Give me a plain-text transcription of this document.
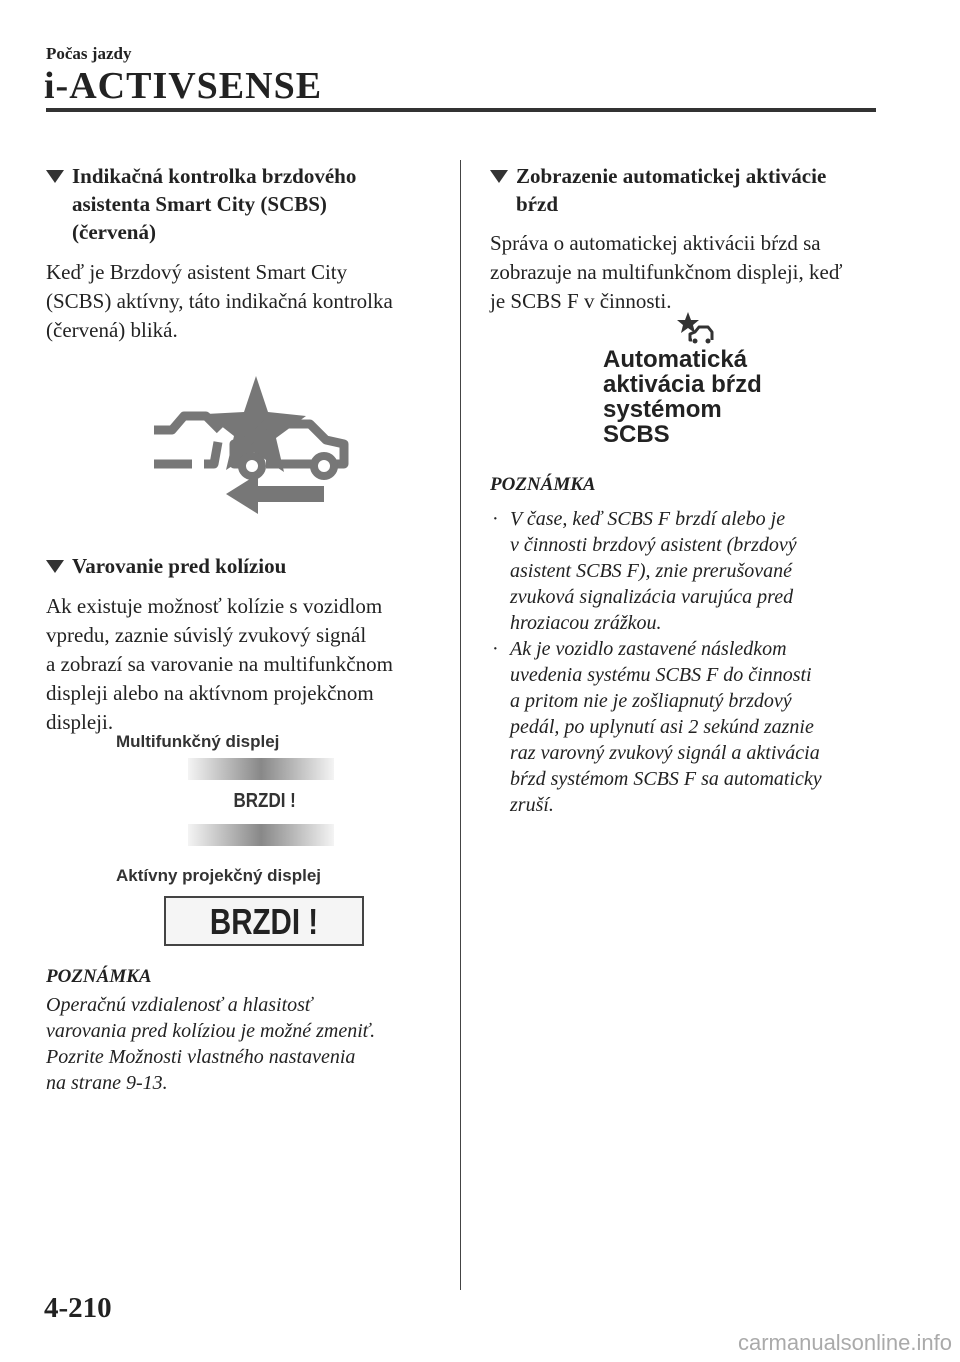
Počas jazdy
i-ACTIVSENSE
Indikačná kontrolka brzdového
asistenta Smart City (SCBS)
(červená)
Keď je Brzdový asistent Smart City
(SCBS) aktívny, táto indikačná kontrolka
(červená) bliká.
Varovanie pred kolíziou
Ak existuje možnosť kolízie s vozidlom
vpredu, zaznie súvislý zvukový signál
a zobrazí sa varovanie na multifunkčnom
displeji alebo na aktívnom projekčnom
displeji.
Multifunkčný displej
BRZDI !
Aktívny projekčný displej
BRZDI !
POZNÁMKA
Operačnú vzdialenosť a hlasitosť
varovania pred kolíziou je možné zmeniť.
Pozrite Možnosti vlastného nastavenia
na strane 9-13.
Zobrazenie automatickej aktivácie
bŕzd
Správa o automatickej aktivácii bŕzd sa
zobrazuje na multifunkčnom displeji, keď
je SCBS F v činnosti.
Automatická
aktivácia bŕzd
systémom
SCBS
POZNÁMKA
· V čase, keď SCBS F brzdí alebo je
v činnosti brzdový asistent (brzdový
asistent SCBS F), znie prerušované
zvuková signalizácia varujúca pred
hroziacou zrážkou.
· Ak je vozidlo zastavené následkom
uvedenia systému SCBS F do činnosti
a pritom nie je zošliapnutý brzdový
pedál, po uplynutí asi 2 sekúnd zaznie
raz varovný zvukový signál a aktivácia
bŕzd systémom SCBS F sa automaticky
zruší.
4-210
carmanualsonline.info
